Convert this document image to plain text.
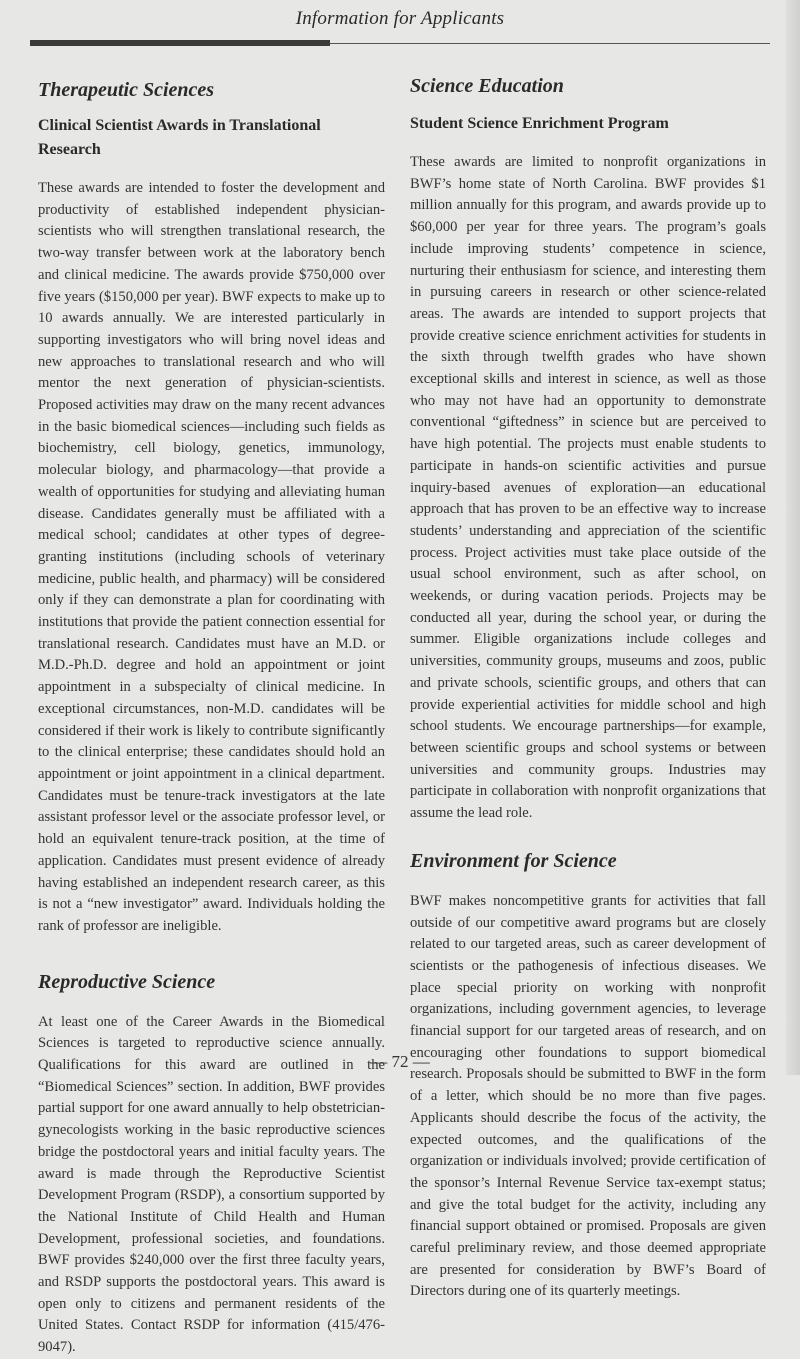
Information for Applicants
Therapeutic Sciences
Clinical Scientist Awards in Translational Research

These awards are intended to foster the development and productivity of established independent physician-scientists who will strengthen translational research, the two-way transfer between work at the laboratory bench and clinical medicine. The awards provide $750,000 over five years ($150,000 per year). BWF expects to make up to 10 awards annually. We are interested particularly in supporting investigators who will bring novel ideas and new approaches to translational research and who will mentor the next generation of physician-scientists. Proposed activities may draw on the many recent advances in the basic biomedical sciences—including such fields as biochemistry, cell biology, genetics, immunology, molecular biology, and pharmacology—that provide a wealth of opportunities for studying and alleviating human disease. Candidates generally must be affiliated with a medical school; candidates at other types of degree-granting institutions (including schools of veterinary medicine, public health, and pharmacy) will be considered only if they can demonstrate a plan for coordinating with institutions that provide the patient connection essential for translational research. Candidates must have an M.D. or M.D.-Ph.D. degree and hold an appointment or joint appointment in a subspecialty of clinical medicine. In exceptional circumstances, non-M.D. candidates will be considered if their work is likely to contribute significantly to the clinical enterprise; these candidates should hold an appointment or joint appointment in a clinical department. Candidates must be tenure-track investigators at the late assistant professor level or the associate professor level, or hold an equivalent tenure-track position, at the time of application. Candidates must present evidence of already having established an independent research career, as this is not a “new investigator” award. Individuals holding the rank of professor are ineligible.

Reproductive Science

At least one of the Career Awards in the Biomedical Sciences is targeted to reproductive science annually. Qualifications for this award are outlined in the “Biomedical Sciences” section. In addition, BWF provides partial support for one award annually to help obstetrician-gynecologists working in the basic reproductive sciences bridge the postdoctoral years and initial faculty years. The award is made through the Reproductive Scientist Development Program (RSDP), a consortium supported by the National Institute of Child Health and Human Development, professional societies, and foundations. BWF provides $240,000 over the first three faculty years, and RSDP supports the postdoctoral years. This award is open only to citizens and permanent residents of the United States. Contact RSDP for information (415/476-9047).

Science Education
Student Science Enrichment Program

These awards are limited to nonprofit organizations in BWF’s home state of North Carolina. BWF provides $1 million annually for this program, and awards provide up to $60,000 per year for three years. The program’s goals include improving students’ competence in science, nurturing their enthusiasm for science, and interesting them in pursuing careers in research or other science-related areas. The awards are intended to support projects that provide creative science enrichment activities for students in the sixth through twelfth grades who have shown exceptional skills and interest in science, as well as those who may not have had an opportunity to demonstrate conventional “giftedness” in science but are perceived to have high potential. The projects must enable students to participate in hands-on scientific activities and pursue inquiry-based avenues of exploration—an educational approach that has proven to be an effective way to increase students’ understanding and appreciation of the scientific process. Project activities must take place outside of the usual school environment, such as after school, on weekends, or during vacation periods. Projects may be conducted all year, during the school year, or during the summer. Eligible organizations include colleges and universities, community groups, museums and zoos, public and private schools, scientific groups, and others that can provide experiential activities for middle school and high school students. We encourage partnerships—for example, between scientific groups and school systems or between universities and community groups. Industries may participate in collaboration with nonprofit organizations that assume the lead role.

Environment for Science

BWF makes noncompetitive grants for activities that fall outside of our competitive award programs but are closely related to our targeted areas, such as career development of scientists or the pathogenesis of infectious diseases. We place special priority on working with nonprofit organizations, including government agencies, to leverage financial support for our targeted areas of research, and on encouraging other foundations to support biomedical research. Proposals should be submitted to BWF in the form of a letter, which should be no more than five pages. Applicants should describe the focus of the activity, the expected outcomes, and the qualifications of the organization or individuals involved; provide certification of the sponsor’s Internal Revenue Service tax-exempt status; and give the total budget for the activity, including any financial support obtained or promised. Proposals are given careful preliminary review, and those deemed appropriate are presented for consideration by BWF’s Board of Directors during one of its quarterly meetings.

— 72 —
